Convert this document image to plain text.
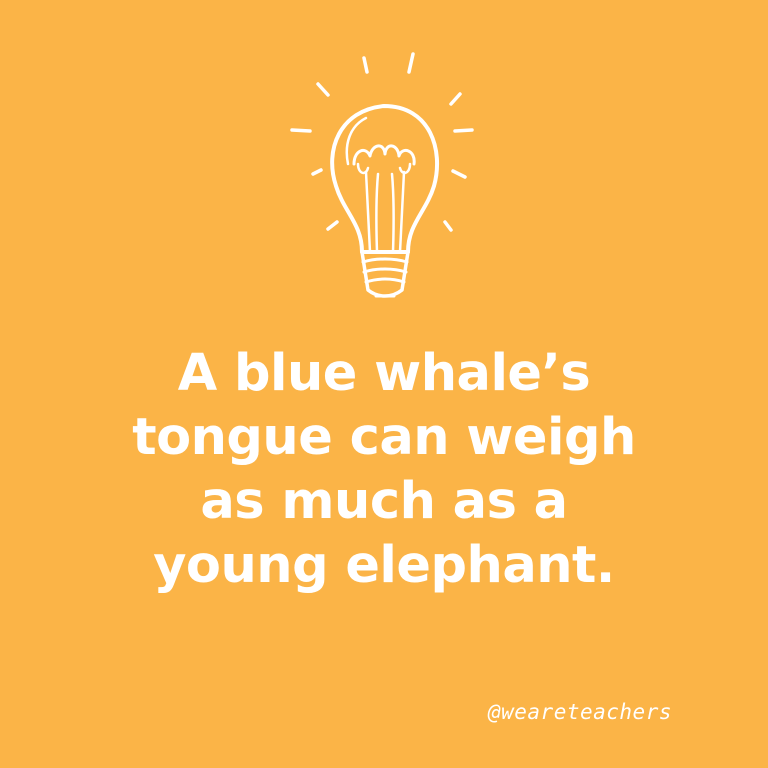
A blue whale’s
tongue can weigh
as much as a
young elephant.

@weareteachers
